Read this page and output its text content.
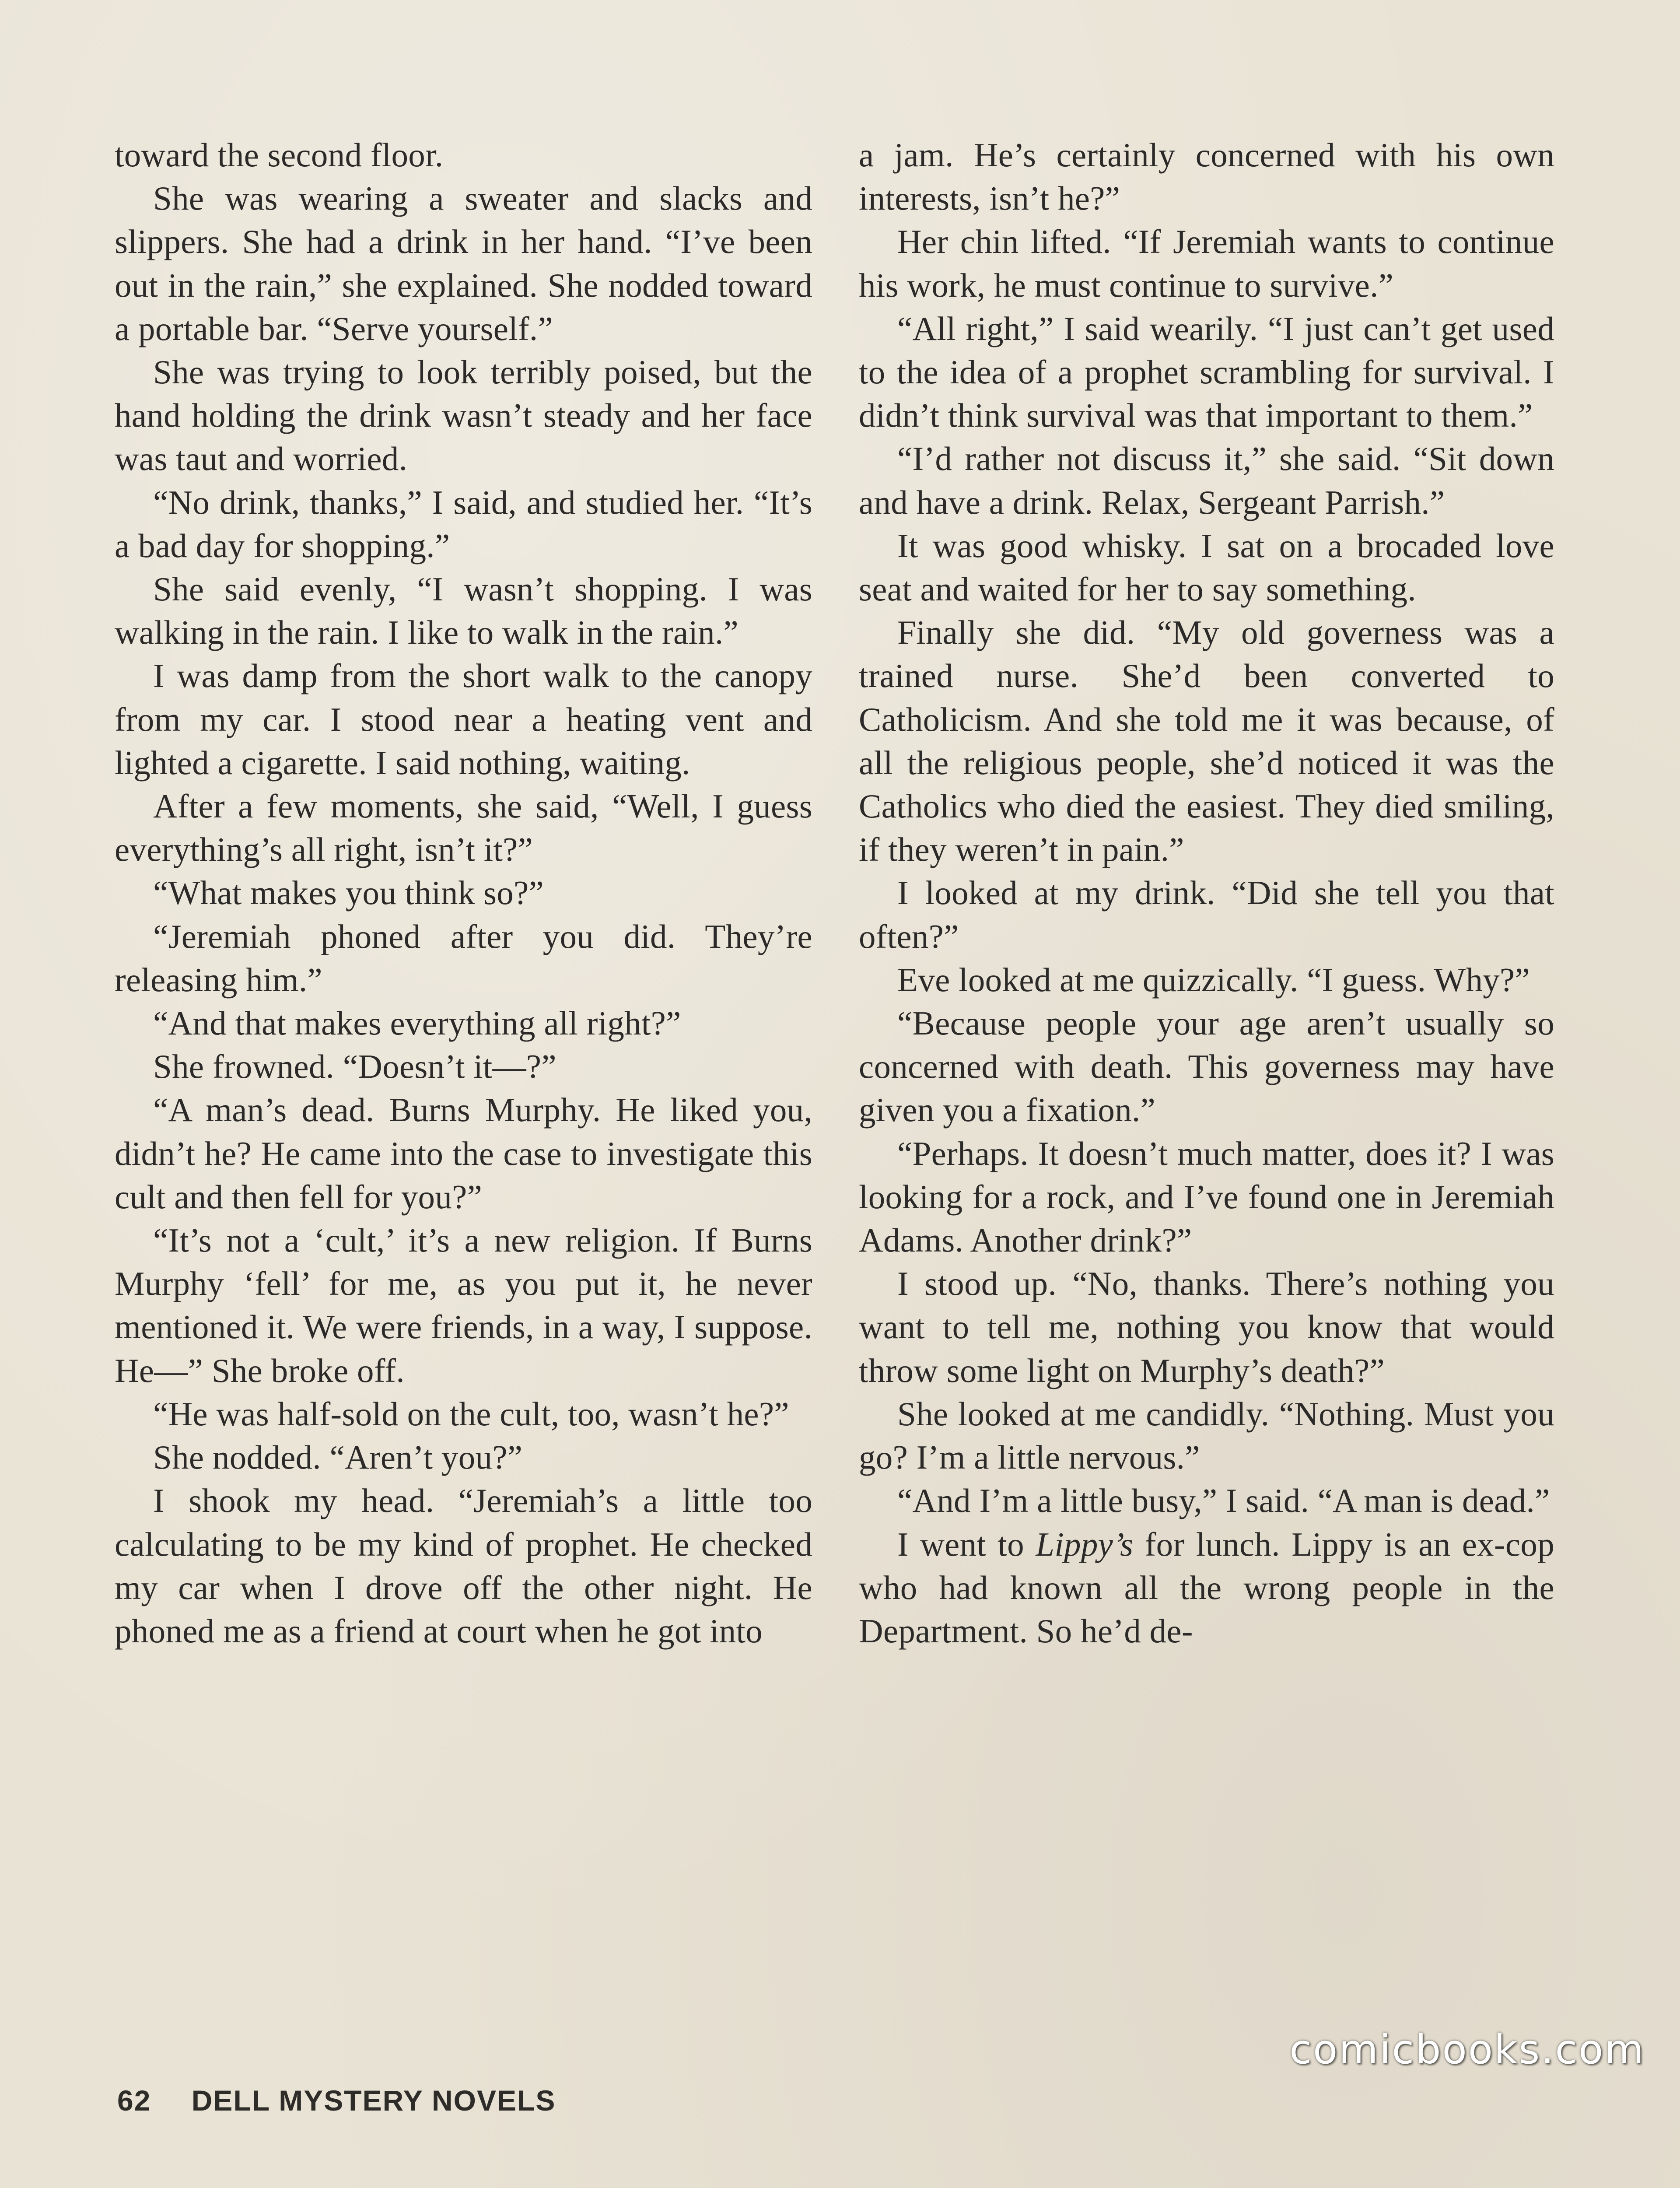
toward the second floor.

She was wearing a sweater and slacks and slippers. She had a drink in her hand. “I’ve been out in the rain,” she explained. She nodded toward a portable bar. “Serve yourself.”

She was trying to look terribly poised, but the hand holding the drink wasn’t steady and her face was taut and worried.

“No drink, thanks,” I said, and studied her. “It’s a bad day for shopping.”

She said evenly, “I wasn’t shopping. I was walking in the rain. I like to walk in the rain.”

I was damp from the short walk to the canopy from my car. I stood near a heating vent and lighted a cigarette. I said nothing, waiting.

After a few moments, she said, “Well, I guess everything’s all right, isn’t it?”

“What makes you think so?”

“Jeremiah phoned after you did. They’re releasing him.”

“And that makes everything all right?”

She frowned. “Doesn’t it—?”

“A man’s dead. Burns Murphy. He liked you, didn’t he? He came into the case to investigate this cult and then fell for you?”

“It’s not a ‘cult,’ it’s a new religion. If Burns Murphy ‘fell’ for me, as you put it, he never mentioned it. We were friends, in a way, I suppose. He—” She broke off.

“He was half-sold on the cult, too, wasn’t he?”

She nodded. “Aren’t you?”

I shook my head. “Jeremiah’s a little too calculating to be my kind of prophet. He checked my car when I drove off the other night. He phoned me as a friend at court when he got into

a jam. He’s certainly concerned with his own interests, isn’t he?”

Her chin lifted. “If Jeremiah wants to continue his work, he must continue to survive.”

“All right,” I said wearily. “I just can’t get used to the idea of a prophet scrambling for survival. I didn’t think survival was that important to them.”

“I’d rather not discuss it,” she said. “Sit down and have a drink. Relax, Sergeant Parrish.”

It was good whisky. I sat on a brocaded love seat and waited for her to say something.

Finally she did. “My old governess was a trained nurse. She’d been converted to Catholicism. And she told me it was because, of all the religious people, she’d noticed it was the Catholics who died the easiest. They died smiling, if they weren’t in pain.”

I looked at my drink. “Did she tell you that often?”

Eve looked at me quizzically. “I guess. Why?”

“Because people your age aren’t usually so concerned with death. This governess may have given you a fixation.”

“Perhaps. It doesn’t much matter, does it? I was looking for a rock, and I’ve found one in Jeremiah Adams. Another drink?”

I stood up. “No, thanks. There’s nothing you want to tell me, nothing you know that would throw some light on Murphy’s death?”

She looked at me candidly. “Nothing. Must you go? I’m a little nervous.”

“And I’m a little busy,” I said. “A man is dead.”

I went to Lippy’s for lunch. Lippy is an ex-cop who had known all the wrong people in the Department. So he’d de-

62 DELL MYSTERY NOVELS
comicbooks.com
